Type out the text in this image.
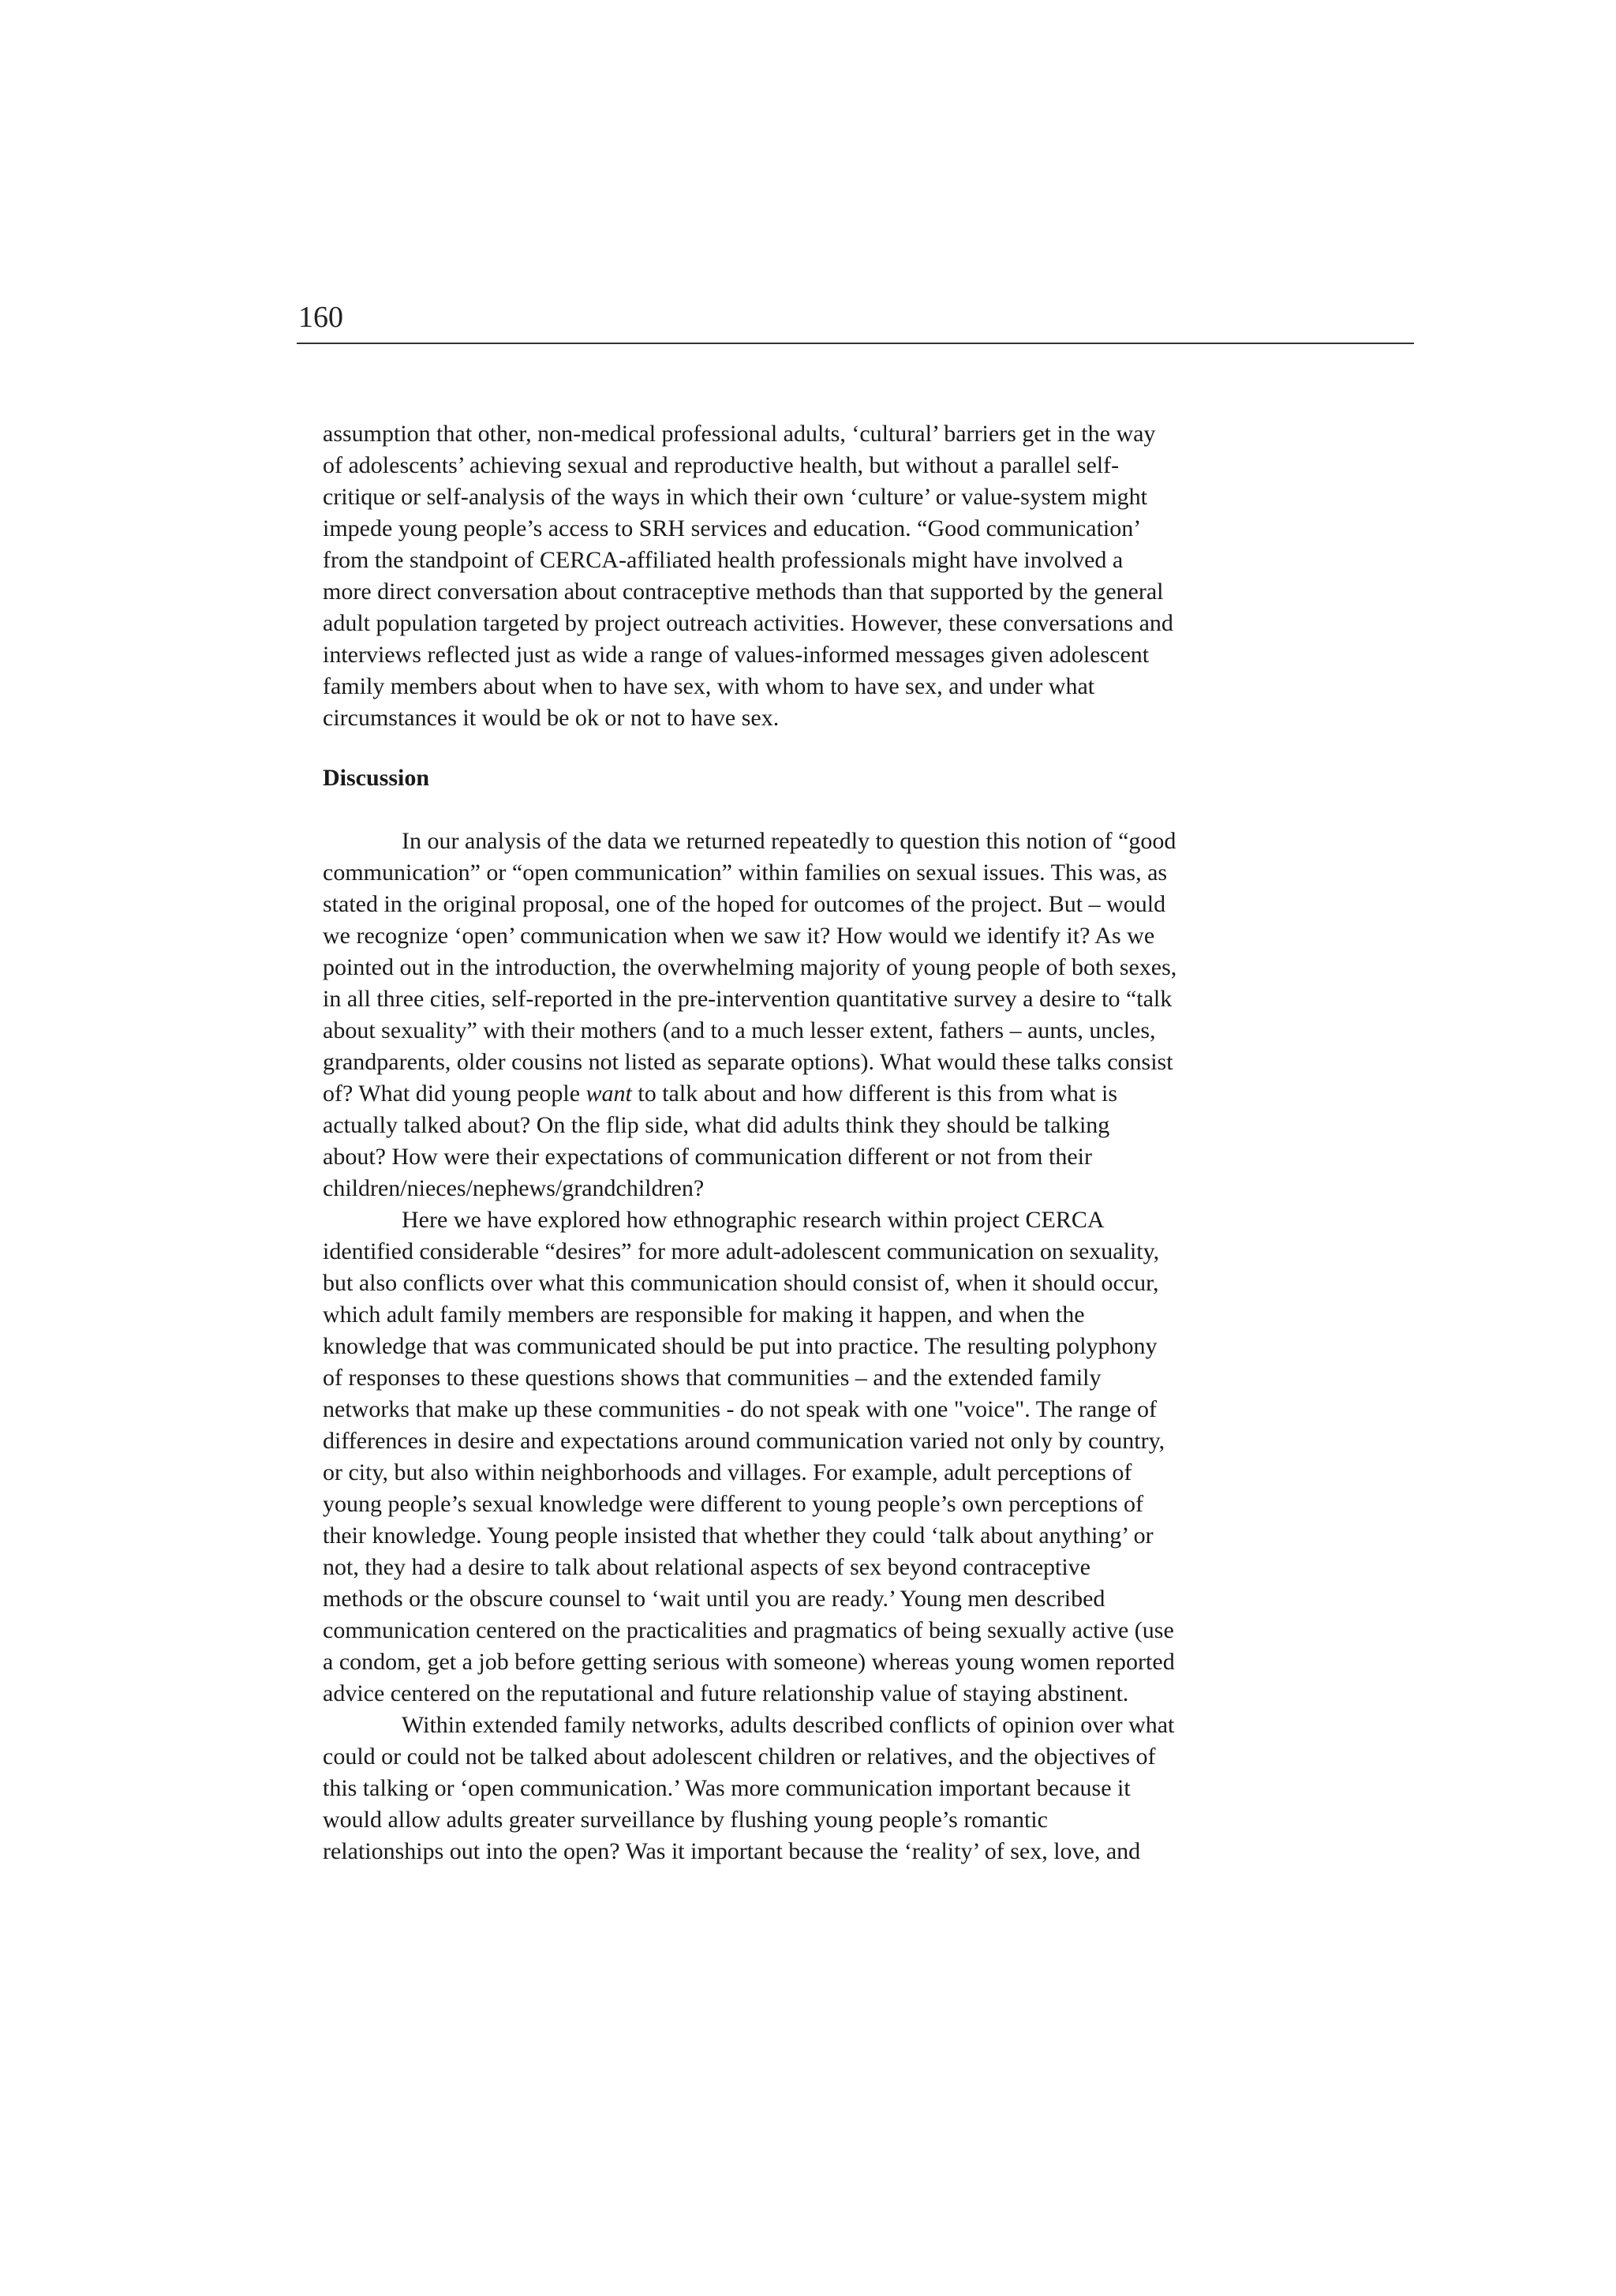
160
assumption that other, non-medical professional adults, ‘cultural’ barriers get in the way
of adolescents’ achieving sexual and reproductive health, but without a parallel self-
critique or self-analysis of the ways in which their own ‘culture’ or value-system might
impede young people’s access to SRH services and education. “Good communication’
from the standpoint of CERCA-affiliated health professionals might have involved a
more direct conversation about contraceptive methods than that supported by the general
adult population targeted by project outreach activities. However, these conversations and
interviews reflected just as wide a range of values-informed messages given adolescent
family members about when to have sex, with whom to have sex, and under what
circumstances it would be ok or not to have sex.
Discussion
In our analysis of the data we returned repeatedly to question this notion of “good
communication” or “open communication” within families on sexual issues. This was, as
stated in the original proposal, one of the hoped for outcomes of the project. But – would
we recognize ‘open’ communication when we saw it? How would we identify it? As we
pointed out in the introduction, the overwhelming majority of young people of both sexes,
in all three cities, self-reported in the pre-intervention quantitative survey a desire to “talk
about sexuality” with their mothers (and to a much lesser extent, fathers – aunts, uncles,
grandparents, older cousins not listed as separate options). What would these talks consist
of? What did young people want to talk about and how different is this from what is
actually talked about? On the flip side, what did adults think they should be talking
about? How were their expectations of communication different or not from their
children/nieces/nephews/grandchildren?
Here we have explored how ethnographic research within project CERCA
identified considerable “desires” for more adult-adolescent communication on sexuality,
but also conflicts over what this communication should consist of, when it should occur,
which adult family members are responsible for making it happen, and when the
knowledge that was communicated should be put into practice. The resulting polyphony
of responses to these questions shows that communities – and the extended family
networks that make up these communities - do not speak with one "voice". The range of
differences in desire and expectations around communication varied not only by country,
or city, but also within neighborhoods and villages. For example, adult perceptions of
young people’s sexual knowledge were different to young people’s own perceptions of
their knowledge. Young people insisted that whether they could ‘talk about anything’ or
not, they had a desire to talk about relational aspects of sex beyond contraceptive
methods or the obscure counsel to ‘wait until you are ready.’ Young men described
communication centered on the practicalities and pragmatics of being sexually active (use
a condom, get a job before getting serious with someone) whereas young women reported
advice centered on the reputational and future relationship value of staying abstinent.
Within extended family networks, adults described conflicts of opinion over what
could or could not be talked about adolescent children or relatives, and the objectives of
this talking or ‘open communication.’ Was more communication important because it
would allow adults greater surveillance by flushing young people’s romantic
relationships out into the open? Was it important because the ‘reality’ of sex, love, and
